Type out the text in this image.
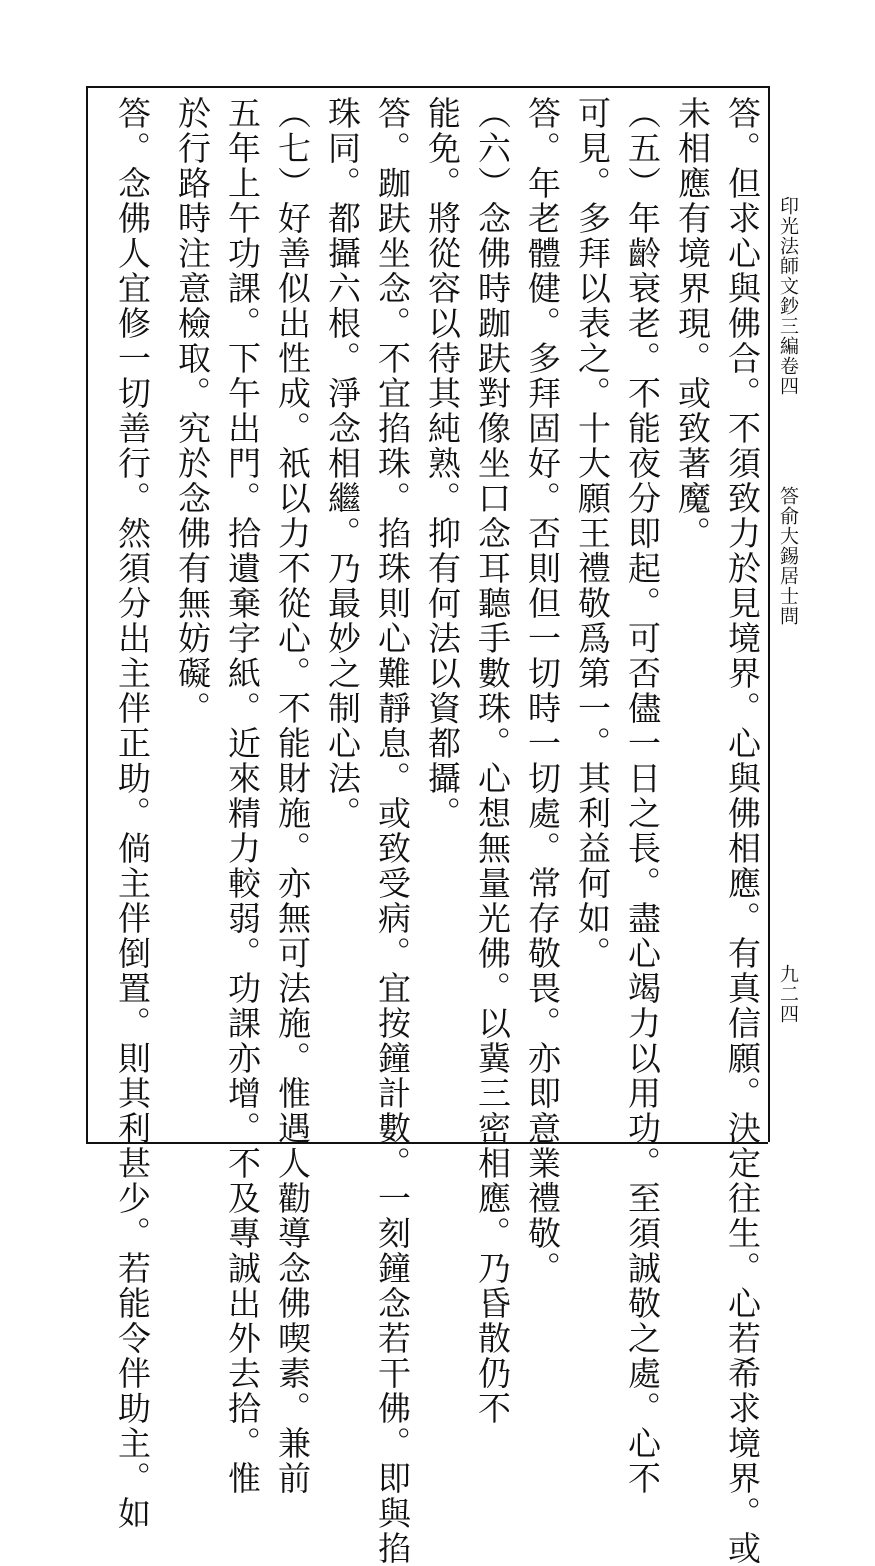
印光法師文鈔三編卷四
答俞大錫居士問
九二四
答。但求心與佛合。不須致力於見境界。心與佛相應。有真信願。決定往生。心若希求境界。或
未相應有境界現。或致著魔。
（五）年齡衰老。不能夜分即起。可否儘一日之長。盡心竭力以用功。至須誠敬之處。心不
可見。多拜以表之。十大願王禮敬爲第一。其利益何如。
答。年老體健。多拜固好。否則但一切時一切處。常存敬畏。亦即意業禮敬。
（六）念佛時跏趺對像坐口念耳聽手數珠。心想無量光佛。以冀三密相應。乃昏散仍不
能免。將從容以待其純熟。抑有何法以資都攝。
答。跏趺坐念。不宜掐珠。掐珠則心難靜息。或致受病。宜按鐘計數。一刻鐘念若干佛。即與掐
珠同。都攝六根。淨念相繼。乃最妙之制心法。
（七）好善似出性成。祇以力不從心。不能財施。亦無可法施。惟遇人勸導念佛喫素。兼前
五年上午功課。下午出門。拾遺棄字紙。近來精力較弱。功課亦增。不及專誠出外去拾。惟
於行路時注意檢取。究於念佛有無妨礙。
答。念佛人宜修一切善行。然須分出主伴正助。倘主伴倒置。則其利甚少。若能令伴助主。如
